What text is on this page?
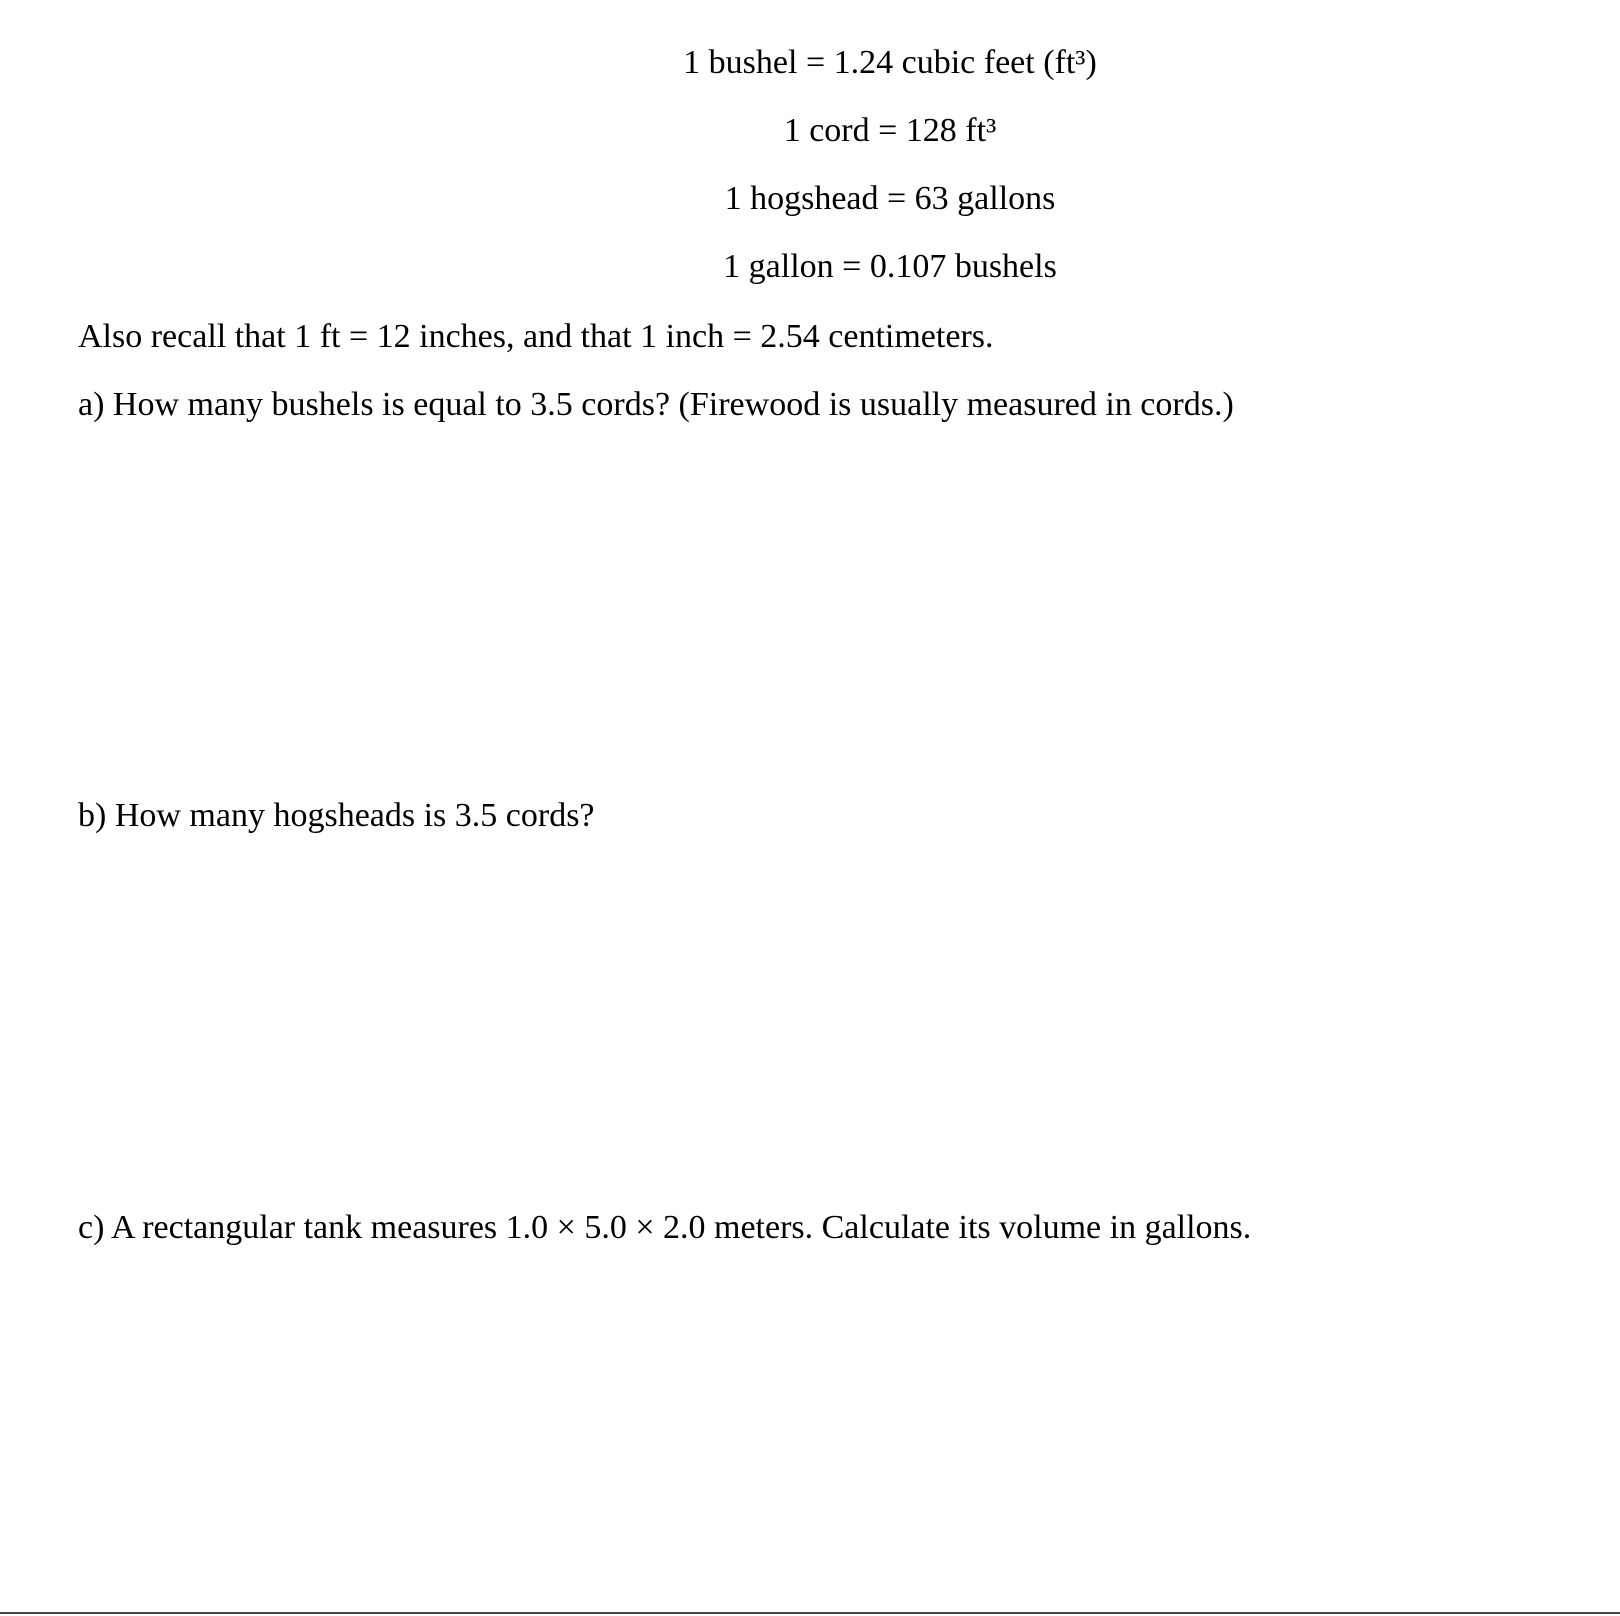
1 bushel = 1.24 cubic feet (ft³)
1 cord = 128 ft³
1 hogshead = 63 gallons
1 gallon = 0.107 bushels
Also recall that 1 ft = 12 inches, and that 1 inch = 2.54 centimeters.
a) How many bushels is equal to 3.5 cords? (Firewood is usually measured in cords.)
b) How many hogsheads is 3.5 cords?
c) A rectangular tank measures 1.0 × 5.0 × 2.0 meters. Calculate its volume in gallons.
